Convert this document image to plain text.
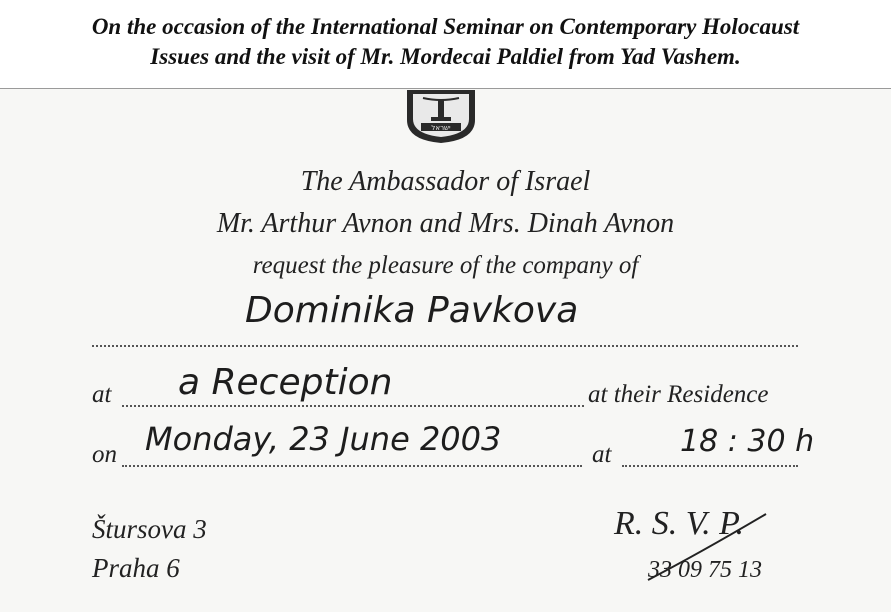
On the occasion of the International Seminar on Contemporary Holocaust
Issues and the visit of Mr. Mordecai Paldiel from Yad Vashem.
ישראל
The Ambassador of Israel
Mr. Arthur Avnon and Mrs. Dinah Avnon
request the pleasure of the company of
Dominika Pavkova
at a Reception	at their Residence
on Monday, 23 June 2003	at 18 : 30 h
Štursova 3
Praha 6
R. S. V. P.
33 09 75 13
